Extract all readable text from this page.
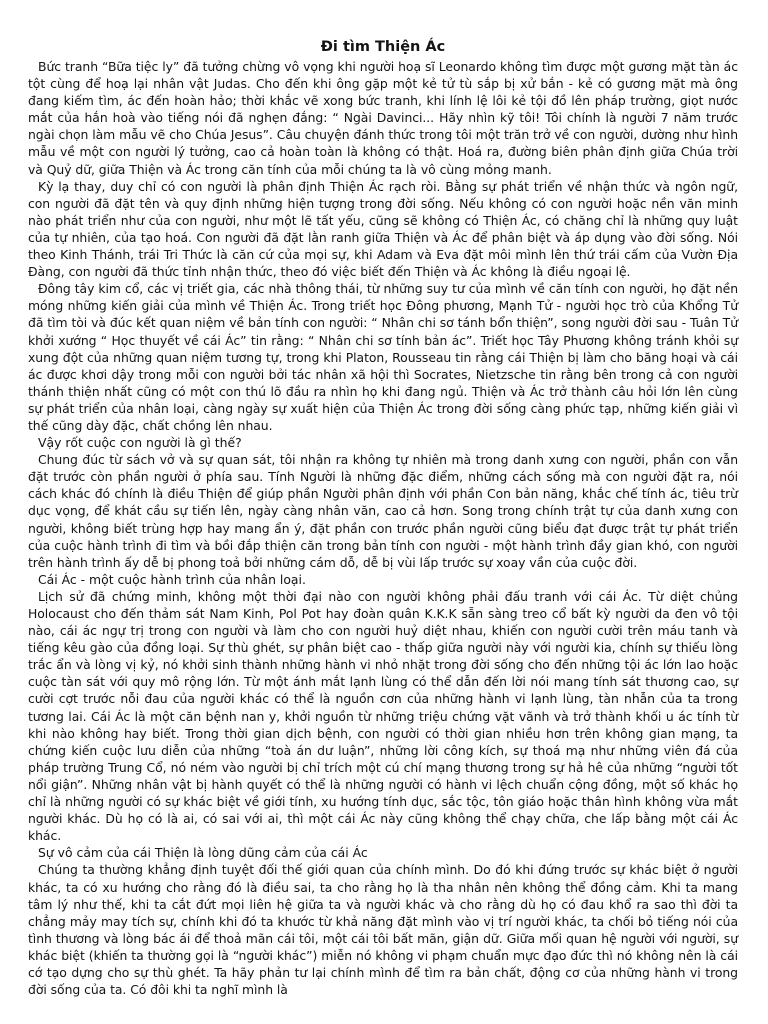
Đi tìm Thiện Ác

Bức tranh “Bữa tiệc ly” đã tưởng chừng vô vọng khi người hoạ sĩ Leonardo không tìm được một gương mặt tàn ác tột cùng để hoạ lại nhân vật Judas. Cho đến khi ông gặp một kẻ tử tù sắp bị xử bắn - kẻ có gương mặt mà ông đang kiếm tìm, ác đến hoàn hảo; thời khắc vẽ xong bức tranh, khi lính lệ lôi kẻ tội đồ lên pháp trường, giọt nước mắt của hắn hoà vào tiếng nói đã nghẹn đắng: “ Ngài Davinci... Hãy nhìn kỹ tôi! Tôi chính là người 7 năm trước ngài chọn làm mẫu vẽ cho Chúa Jesus”. Câu chuyện đánh thức trong tôi một trăn trở về con người, dường như hình mẫu về một con người lý tưởng, cao cả hoàn toàn là không có thật. Hoá ra, đường biên phân định giữa Chúa trời và Quỷ dữ, giữa Thiện và Ác trong căn tính của mỗi chúng ta là vô cùng mỏng manh.

Kỳ lạ thay, duy chỉ có con người là phân định Thiện Ác rạch ròi. Bằng sự phát triển về nhận thức và ngôn ngữ, con người đã đặt tên và quy định những hiện tượng trong đời sống. Nếu không có con người hoặc nền văn minh nào phát triển như của con người, như một lẽ tất yếu, cũng sẽ không có Thiện Ác, có chăng chỉ là những quy luật của tự nhiên, của tạo hoá. Con người đã đặt lằn ranh giữa Thiện và Ác để phân biệt và áp dụng vào đời sống. Nói theo Kinh Thánh, trái Tri Thức là căn cứ của mọi sự, khi Adam và Eva đặt môi mình lên thứ trái cấm của Vườn Địa Đàng, con người đã thức tỉnh nhận thức, theo đó việc biết đến Thiện và Ác không là điều ngoại lệ.

Đông tây kim cổ, các vị triết gia, các nhà thông thái, từ những suy tư của mình về căn tính con người, họ đặt nền móng những kiến giải của mình về Thiện Ác. Trong triết học Đông phương, Mạnh Tử - người học trò của Khổng Tử đã tìm tòi và đúc kết quan niệm về bản tính con người: “ Nhân chi sơ tánh bổn thiện”, song người đời sau - Tuân Tử khởi xướng “ Học thuyết về cái Ác” tin rằng: “ Nhân chi sơ tính bản ác”. Triết học Tây Phương không tránh khỏi sự xung đột của những quan niệm tương tự, trong khi Platon, Rousseau tin rằng cái Thiện bị làm cho băng hoại và cái ác được khơi dậy trong mỗi con người bởi tác nhân xã hội thì Socrates, Nietzsche tin rằng bên trong cả con người thánh thiện nhất cũng có một con thú lõ đầu ra nhìn họ khi đang ngủ. Thiện và Ác trở thành câu hỏi lớn lên cùng sự phát triển của nhân loại, càng ngày sự xuất hiện của Thiện Ác trong đời sống càng phức tạp, những kiến giải vì thế cũng dày đặc, chất chồng lên nhau.

Vậy rốt cuộc con người là gì thế?

Chung đúc từ sách vở và sự quan sát, tôi nhận ra không tự nhiên mà trong danh xưng con người, phần con vẫn đặt trước còn phần người ở phía sau. Tính Người là những đặc điểm, những cách sống mà con người đặt ra, nói cách khác đó chính là điều Thiện để giúp phần Người phân định với phần Con bản năng, khắc chế tính ác, tiêu trừ dục vọng, để khát cầu sự tiến lên, ngày càng nhân văn, cao cả hơn. Song trong chính trật tự của danh xưng con người, không biết trùng hợp hay mang ẩn ý, đặt phần con trước phần người cũng biểu đạt được trật tự phát triển của cuộc hành trình đi tìm và bồi đắp thiện căn trong bản tính con người - một hành trình đầy gian khó, con người trên hành trình ấy dễ bị phong toả bởi những cám dỗ, dễ bị vùi lấp trước sự xoay vần của cuộc đời.

Cái Ác - một cuộc hành trình của nhân loại.

Lịch sử đã chứng minh, không một thời đại nào con người không phải đấu tranh với cái Ác. Từ diệt chủng Holocaust cho đến thảm sát Nam Kinh, Pol Pot hay đoàn quân K.K.K sẵn sàng treo cổ bất kỳ người da đen vô tội nào, cái ác ngự trị trong con người và làm cho con người huỷ diệt nhau, khiến con người cười trên máu tanh và tiếng kêu gào của đồng loại. Sự thù ghét, sự phân biệt cao - thấp giữa người này với người kia, chính sự thiếu lòng trắc ẩn và lòng vị kỷ, nó khởi sinh thành những hành vi nhỏ nhặt trong đời sống cho đến những tội ác lớn lao hoặc cuộc tàn sát với quy mô rộng lớn. Từ một ánh mắt lạnh lùng có thể dẫn đến lời nói mang tính sát thương cao, sự cười cợt trước nỗi đau của người khác có thể là nguồn cơn của những hành vi lạnh lùng, tàn nhẫn của ta trong tương lai. Cái Ác là một căn bệnh nan y, khởi nguồn từ những triệu chứng vặt vãnh và trở thành khối u ác tính từ khi nào không hay biết. Trong thời gian dịch bệnh, con người có thời gian nhiều hơn trên không gian mạng, ta chứng kiến cuộc lưu diễn của những “toà án dư luận”, những lời công kích, sự thoá mạ như những viên đá của pháp trường Trung Cổ, nó ném vào người bị chỉ trích một cú chí mạng thương trong sự hả hê của những “người tốt nổi giận”. Những nhân vật bị hành quyết có thể là những người có hành vi lệch chuẩn cộng đồng, một số khác họ chỉ là những người có sự khác biệt về giới tính, xu hướng tính dục, sắc tộc, tôn giáo hoặc thân hình không vừa mắt người khác. Dù họ có là ai, có sai với ai, thì một cái Ác này cũng không thể chạy chữa, che lấp bằng một cái Ác khác.

Sự vô cảm của cái Thiện là lòng dũng cảm của cái Ác

Chúng ta thường khẳng định tuyệt đối thế giới quan của chính mình. Do đó khi đứng trước sự khác biệt ở người khác, ta có xu hướng cho rằng đó là điều sai, ta cho rằng họ là tha nhân nên không thể đồng cảm. Khi ta mang tâm lý như thế, khi ta cắt đứt mọi liên hệ giữa ta và người khác và cho rằng dù họ có đau khổ ra sao thì đời ta chẳng mảy may tích sự, chính khi đó ta khước từ khả năng đặt mình vào vị trí người khác, ta chối bỏ tiếng nói của tình thương và lòng bác ái để thoả mãn cái tôi, một cái tôi bất mãn, giận dữ. Giữa mối quan hệ người với người, sự khác biệt (khiến ta thường gọi là “người khác”) miễn nó không vi phạm chuẩn mực đạo đức thì nó không nên là cái cớ tạo dựng cho sự thù ghét. Ta hãy phản tư lại chính mình để tìm ra bản chất, động cơ của những hành vi trong đời sống của ta. Có đôi khi ta nghĩ mình là
